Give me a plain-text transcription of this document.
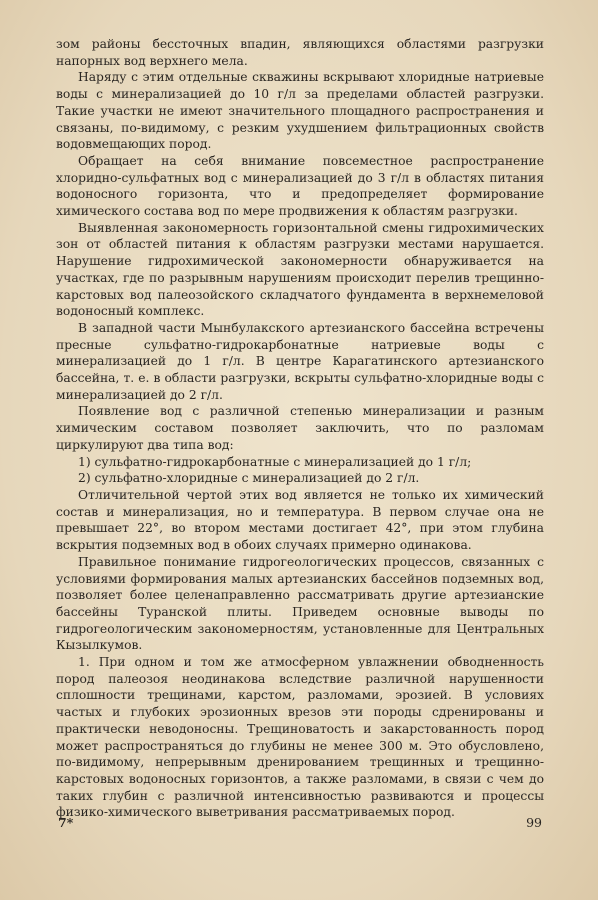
зом районы бессточных впадин, являющихся областями разгрузки напорных вод верхнего мела.

Наряду с этим отдельные скважины вскрывают хлоридные натриевые воды с минерализацией до 10 г/л за пределами областей разгрузки. Такие участки не имеют значительного площадного распространения и связаны, по-видимому, с резким ухудшением фильтрационных свойств водовмещающих пород.

Обращает на себя внимание повсеместное распространение хлоридно-сульфатных вод с минерализацией до 3 г/л в областях питания водоносного горизонта, что и предопределяет формирование химического состава вод по мере продвижения к областям разгрузки.

Выявленная закономерность горизонтальной смены гидрохимических зон от областей питания к областям разгрузки местами нарушается. Нарушение гидрохимической закономерности обнаруживается на участках, где по разрывным нарушениям происходит перелив трещинно-карстовых вод палеозойского складчатого фундамента в верхнемеловой водоносный комплекс.

В западной части Мынбулакского артезианского бассейна встречены пресные сульфатно-гидрокарбонатные натриевые воды с минерализацией до 1 г/л. В центре Карагатинского артезианского бассейна, т. е. в области разгрузки, вскрыты сульфатно-хлоридные воды с минерализацией до 2 г/л.

Появление вод с различной степенью минерализации и разным химическим составом позволяет заключить, что по разломам циркулируют два типа вод:

1) сульфатно-гидрокарбонатные с минерализацией до 1 г/л;

2) сульфатно-хлоридные с минерализацией до 2 г/л.

Отличительной чертой этих вод является не только их химический состав и минерализация, но и температура. В первом случае она не превышает 22°, во втором местами достигает 42°, при этом глубина вскрытия подземных вод в обоих случаях примерно одинакова.

Правильное понимание гидрогеологических процессов, связанных с условиями формирования малых артезианских бассейнов подземных вод, позволяет более целенаправленно рассматривать другие артезианские бассейны Туранской плиты. Приведем основные выводы по гидрогеологическим закономерностям, установленные для Центральных Кызылкумов.

1. При одном и том же атмосферном увлажнении обводненность пород палеозоя неодинакова вследствие различной нарушенности сплошности трещинами, карстом, разломами, эрозией. В условиях частых и глубоких эрозионных врезов эти породы сдренированы и практически неводоносны. Трещиноватость и закарстованность пород может распространяться до глубины не менее 300 м. Это обусловлено, по-видимому, непрерывным дренированием трещинных и трещинно-карстовых водоносных горизонтов, а также разломами, в связи с чем до таких глубин с различной интенсивностью развиваются и процессы физико-химического выветривания рассматриваемых пород.

7*	99
